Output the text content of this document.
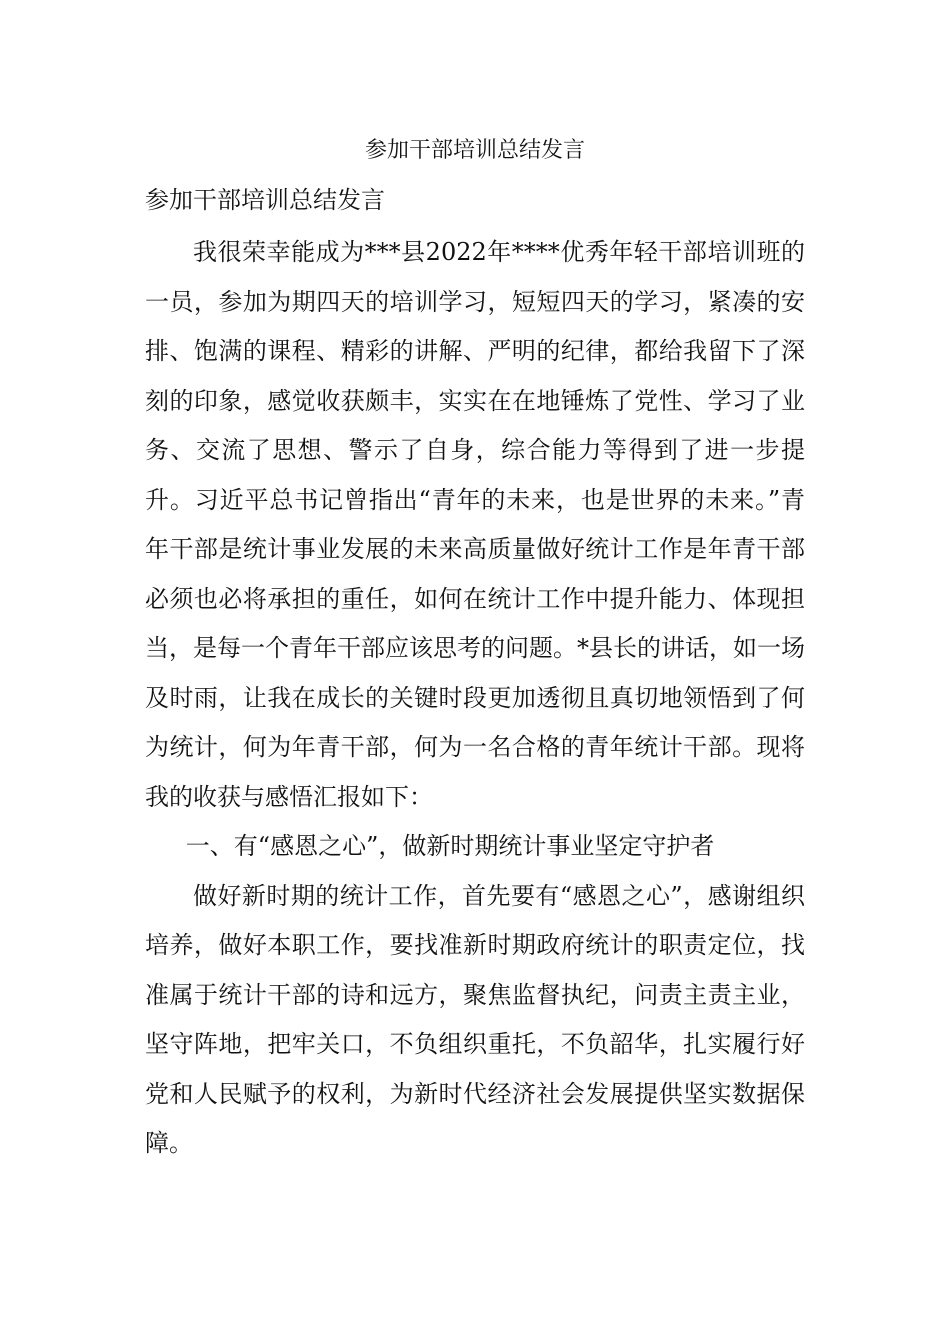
参加干部培训总结发言
参加干部培训总结发言

我很荣幸能成为***县2022年****优秀年轻干部培训班的一员，参加为期四天的培训学习，短短四天的学习，紧凑的安排、饱满的课程、精彩的讲解、严明的纪律，都给我留下了深刻的印象，感觉收获颇丰，实实在在地锤炼了党性、学习了业务、交流了思想、警示了自身，综合能力等得到了进一步提升。习近平总书记曾指出“青年的未来，也是世界的未来。”青年干部是统计事业发展的未来高质量做好统计工作是年青干部必须也必将承担的重任，如何在统计工作中提升能力、体现担当，是每一个青年干部应该思考的问题。*县长的讲话，如一场及时雨，让我在成长的关键时段更加透彻且真切地领悟到了何为统计，何为年青干部，何为一名合格的青年统计干部。现将我的收获与感悟汇报如下：

一、有“感恩之心”，做新时期统计事业坚定守护者

做好新时期的统计工作，首先要有“感恩之心”，感谢组织培养，做好本职工作，要找准新时期政府统计的职责定位，找准属于统计干部的诗和远方，聚焦监督执纪，问责主责主业，坚守阵地，把牢关口，不负组织重托，不负韶华，扎实履行好党和人民赋予的权利，为新时代经济社会发展提供坚实数据保障。
